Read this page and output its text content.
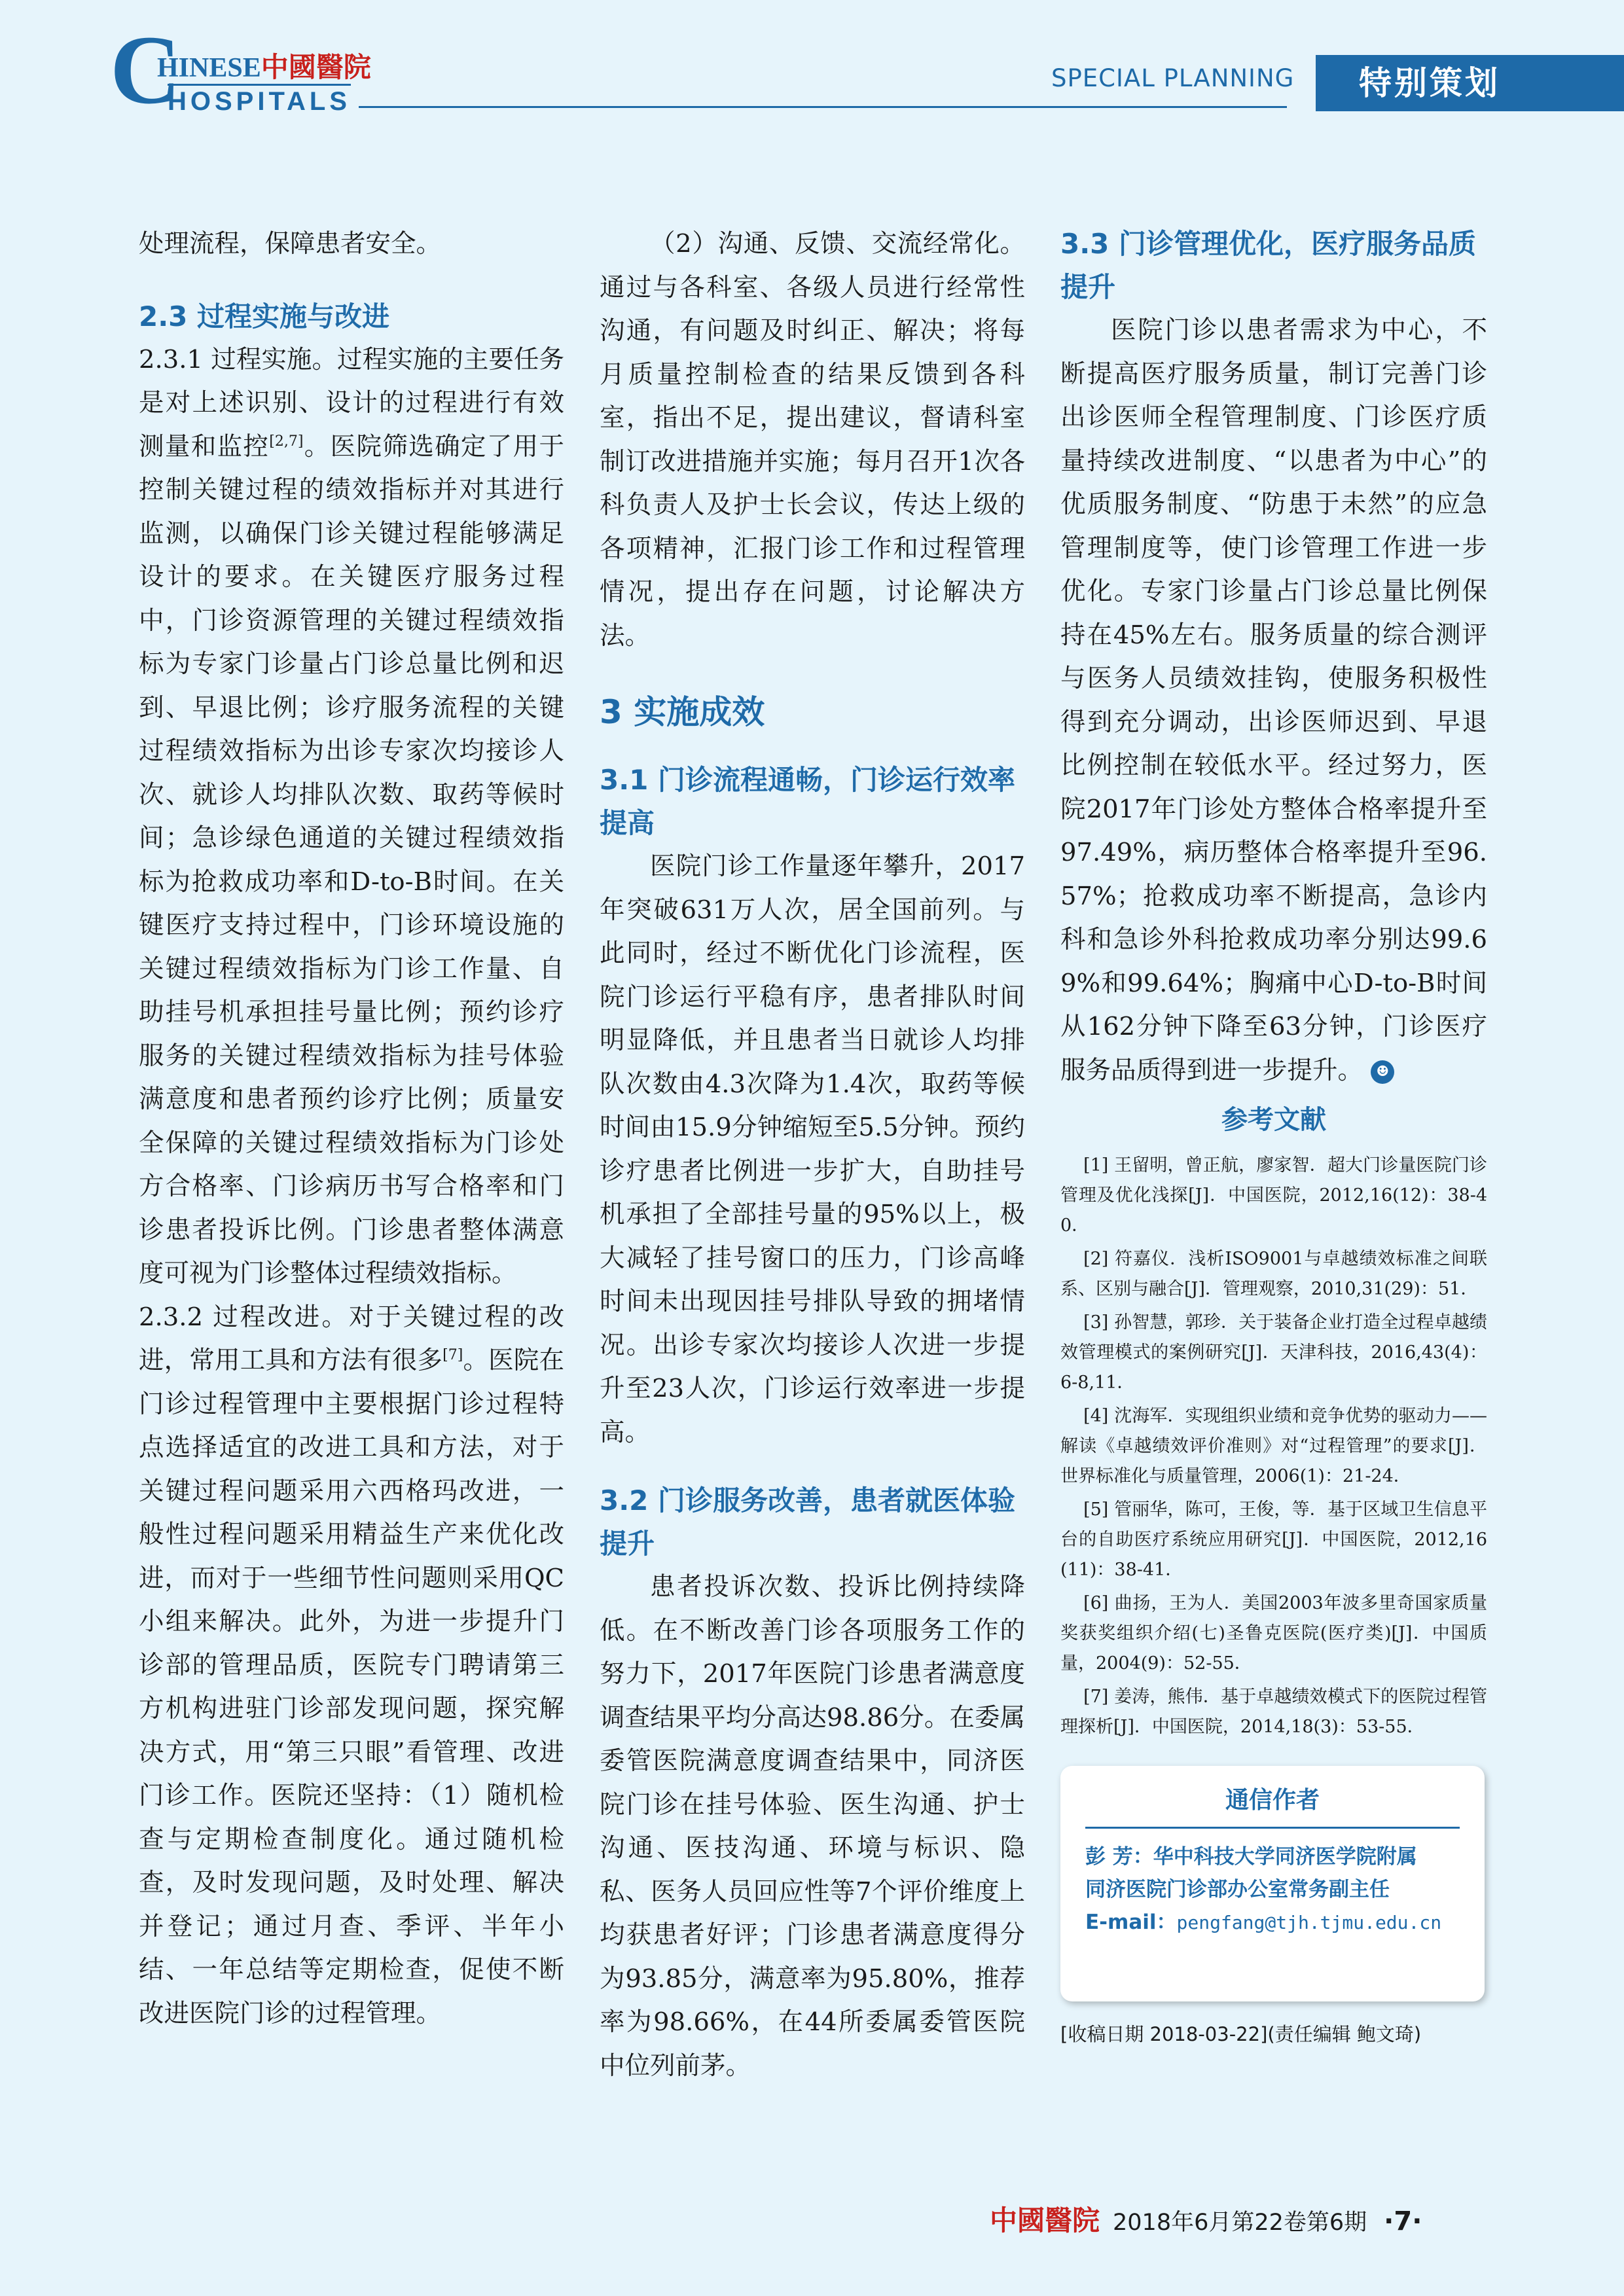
C
HINESE中國醫院
HOSPITALS
SPECIAL PLANNING	特别策划

处理流程，保障患者安全。

2.3 过程实施与改进

2.3.1 过程实施。过程实施的主要任务是对上述识别、设计的过程进行有效测量和监控[2,7]。医院筛选确定了用于控制关键过程的绩效指标并对其进行监测，以确保门诊关键过程能够满足设计的要求。在关键医疗服务过程中，门诊资源管理的关键过程绩效指标为专家门诊量占门诊总量比例和迟到、早退比例；诊疗服务流程的关键过程绩效指标为出诊专家次均接诊人次、就诊人均排队次数、取药等候时间；急诊绿色通道的关键过程绩效指标为抢救成功率和D-to-B时间。在关键医疗支持过程中，门诊环境设施的关键过程绩效指标为门诊工作量、自助挂号机承担挂号量比例；预约诊疗服务的关键过程绩效指标为挂号体验满意度和患者预约诊疗比例；质量安全保障的关键过程绩效指标为门诊处方合格率、门诊病历书写合格率和门诊患者投诉比例。门诊患者整体满意度可视为门诊整体过程绩效指标。

2.3.2 过程改进。对于关键过程的改进，常用工具和方法有很多[7]。医院在门诊过程管理中主要根据门诊过程特点选择适宜的改进工具和方法，对于关键过程问题采用六西格玛改进，一般性过程问题采用精益生产来优化改进，而对于一些细节性问题则采用QC小组来解决。此外，为进一步提升门诊部的管理品质，医院专门聘请第三方机构进驻门诊部发现问题，探究解决方式，用“第三只眼”看管理、改进门诊工作。医院还坚持：（1）随机检查与定期检查制度化。通过随机检查，及时发现问题，及时处理、解决并登记；通过月查、季评、半年小结、一年总结等定期检查，促使不断改进医院门诊的过程管理。

（2）沟通、反馈、交流经常化。通过与各科室、各级人员进行经常性沟通，有问题及时纠正、解决；将每月质量控制检查的结果反馈到各科室，指出不足，提出建议，督请科室制订改进措施并实施；每月召开1次各科负责人及护士长会议，传达上级的各项精神，汇报门诊工作和过程管理情况，提出存在问题，讨论解决方法。

3 实施成效

3.1 门诊流程通畅，门诊运行效率提高

医院门诊工作量逐年攀升，2017年突破631万人次，居全国前列。与此同时，经过不断优化门诊流程，医院门诊运行平稳有序，患者排队时间明显降低，并且患者当日就诊人均排队次数由4.3次降为1.4次，取药等候时间由15.9分钟缩短至5.5分钟。预约诊疗患者比例进一步扩大，自助挂号机承担了全部挂号量的95%以上，极大减轻了挂号窗口的压力，门诊高峰时间未出现因挂号排队导致的拥堵情况。出诊专家次均接诊人次进一步提升至23人次，门诊运行效率进一步提高。

3.2 门诊服务改善，患者就医体验提升

患者投诉次数、投诉比例持续降低。在不断改善门诊各项服务工作的努力下，2017年医院门诊患者满意度调查结果平均分高达98.86分。在委属委管医院满意度调查结果中，同济医院门诊在挂号体验、医生沟通、护士沟通、医技沟通、环境与标识、隐私、医务人员回应性等7个评价维度上均获患者好评；门诊患者满意度得分为93.85分，满意率为95.80%，推荐率为98.66%，在44所委属委管医院中位列前茅。

3.3 门诊管理优化，医疗服务品质提升

医院门诊以患者需求为中心，不断提高医疗服务质量，制订完善门诊出诊医师全程管理制度、门诊医疗质量持续改进制度、“以患者为中心”的优质服务制度、“防患于未然”的应急管理制度等，使门诊管理工作进一步优化。专家门诊量占门诊总量比例保持在45%左右。服务质量的综合测评与医务人员绩效挂钩，使服务积极性得到充分调动，出诊医师迟到、早退比例控制在较低水平。经过努力，医院2017年门诊处方整体合格率提升至97.49%，病历整体合格率提升至96.57%；抢救成功率不断提高，急诊内科和急诊外科抢救成功率分别达99.69%和99.64%；胸痛中心D-to-B时间从162分钟下降至63分钟，门诊医疗服务品质得到进一步提升。 ☻

参考文献

[1] 王留明，曾正航，廖家智．超大门诊量医院门诊管理及优化浅探[J]．中国医院，2012,16(12)：38-40．

[2] 符嘉仪．浅析ISO9001与卓越绩效标准之间联系、区别与融合[J]．管理观察，2010,31(29)：51．

[3] 孙智慧，郭珍．关于装备企业打造全过程卓越绩效管理模式的案例研究[J]．天津科技，2016,43(4)：6-8,11．

[4] 沈海军．实现组织业绩和竞争优势的驱动力——解读《卓越绩效评价准则》对“过程管理”的要求[J]．世界标准化与质量管理，2006(1)：21-24．

[5] 管丽华，陈可，王俊，等．基于区域卫生信息平台的自助医疗系统应用研究[J]．中国医院，2012,16(11)：38-41．

[6] 曲扬，王为人．美国2003年波多里奇国家质量奖获奖组织介绍(七)圣鲁克医院(医疗类)[J]．中国质量，2004(9)：52-55．

[7] 姜涛，熊伟．基于卓越绩效模式下的医院过程管理探析[J]．中国医院，2014,18(3)：53-55．

通信作者

彭 芳：华中科技大学同济医学院附属

同济医院门诊部办公室常务副主任

E-mail：pengfang@tjh.tjmu.edu.cn

[收稿日期 2018-03-22](责任编辑 鲍文琦)
中國醫院 2018年6月第22卷第6期 ·7·
